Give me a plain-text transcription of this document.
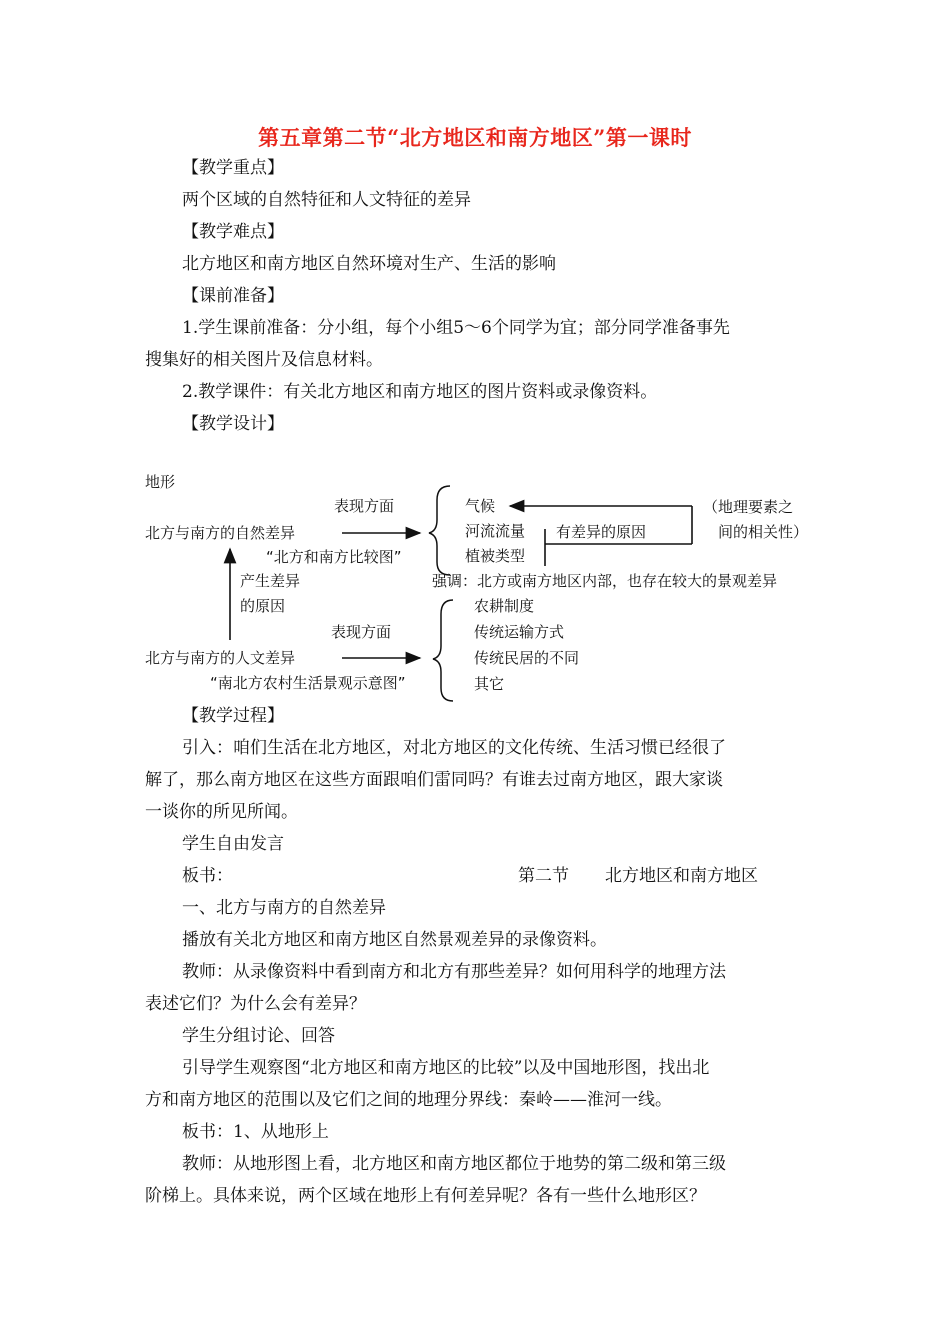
第五章第二节“北方地区和南方地区”第一课时
【教学重点】
两个区域的自然特征和人文特征的差异
【教学难点】
北方地区和南方地区自然环境对生产、生活的影响
【课前准备】
1.学生课前准备：分小组，每个小组5～6个同学为宜；部分同学准备事先
搜集好的相关图片及信息材料。
2.教学课件：有关北方地区和南方地区的图片资料或录像资料。
【教学设计】
地形
表现方面
北方与南方的自然差异
“北方和南方比较图”
气候
河流流量
植被类型
有差异的原因
（地理要素之
间的相关性）
产生差异
的原因
强调：北方或南方地区内部，也存在较大的景观差异
表现方面
北方与南方的人文差异
“南北方农村生活景观示意图”
农耕制度
传统运输方式
传统民居的不同
其它
【教学过程】
引入：咱们生活在北方地区，对北方地区的文化传统、生活习惯已经很了
解了，那么南方地区在这些方面跟咱们雷同吗？有谁去过南方地区，跟大家谈
一谈你的所见所闻。
学生自由发言
板书：	第二节 北方地区和南方地区
一、北方与南方的自然差异
播放有关北方地区和南方地区自然景观差异的录像资料。
教师：从录像资料中看到南方和北方有那些差异？如何用科学的地理方法
表述它们？为什么会有差异？
学生分组讨论、回答
引导学生观察图“北方地区和南方地区的比较”以及中国地形图，找出北
方和南方地区的范围以及它们之间的地理分界线：秦岭——淮河一线。
板书：1、从地形上
教师：从地形图上看，北方地区和南方地区都位于地势的第二级和第三级
阶梯上。具体来说，两个区域在地形上有何差异呢？各有一些什么地形区？
